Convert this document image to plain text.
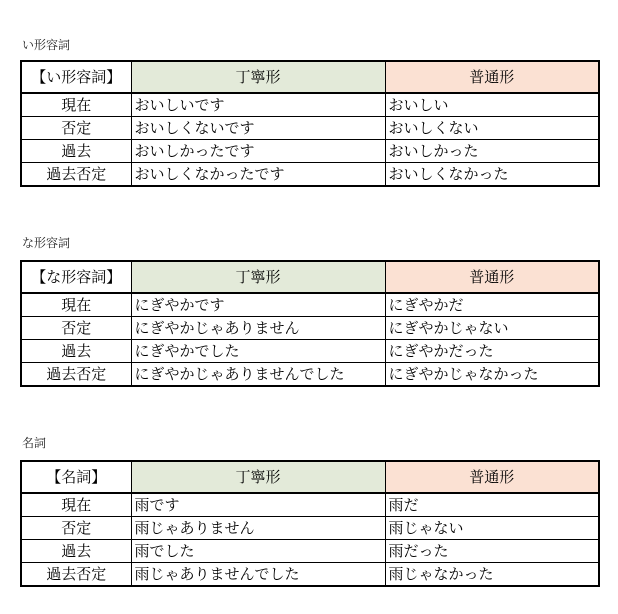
い形容詞
【い形容詞】	丁寧形	普通形
現在	おいしいです	おいしい
否定	おいしくないです	おいしくない
過去	おいしかったです	おいしかった
過去否定	おいしくなかったです	おいしくなかった
な形容詞
【な形容詞】	丁寧形	普通形
現在	にぎやかです	にぎやかだ
否定	にぎやかじゃありません	にぎやかじゃない
過去	にぎやかでした	にぎやかだった
過去否定	にぎやかじゃありませんでした	にぎやかじゃなかった
名詞
【名詞】	丁寧形	普通形
現在	雨です	雨だ
否定	雨じゃありません	雨じゃない
過去	雨でした	雨だった
過去否定	雨じゃありませんでした	雨じゃなかった
